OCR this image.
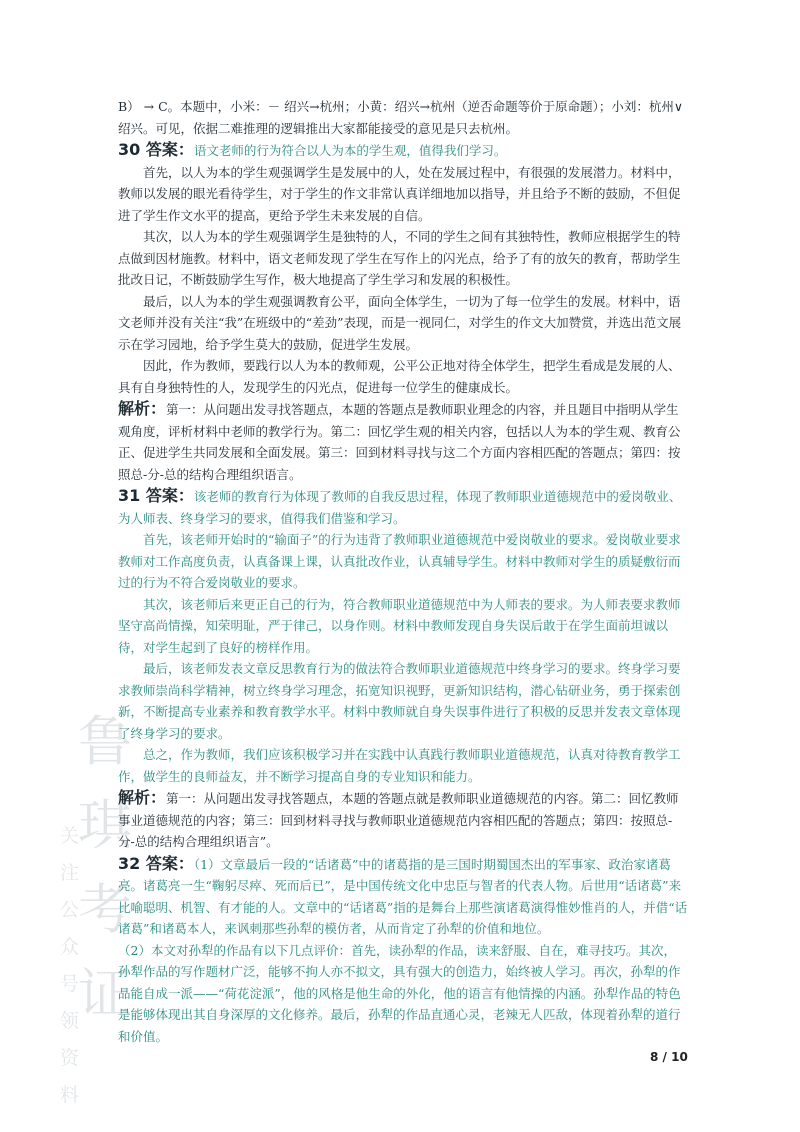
鲁
琪
考
证
关
注
公
众
号
领
资
料

B） → C。本题中，小米：－ 绍兴→杭州；小黄：绍兴→杭州（逆否命题等价于原命题）；小刘：杭州∨绍兴。可见，依据二难推理的逻辑推出大家都能接受的意见是只去杭州。

30 答案：语文老师的行为符合以人为本的学生观，值得我们学习。

首先，以人为本的学生观强调学生是发展中的人，处在发展过程中，有很强的发展潜力。材料中，教师以发展的眼光看待学生，对于学生的作文非常认真详细地加以指导，并且给予不断的鼓励，不但促进了学生作文水平的提高，更给予学生未来发展的自信。

其次，以人为本的学生观强调学生是独特的人，不同的学生之间有其独特性，教师应根据学生的特点做到因材施教。材料中，语文老师发现了学生在写作上的闪光点，给予了有的放矢的教育，帮助学生批改日记，不断鼓励学生写作，极大地提高了学生学习和发展的积极性。

最后，以人为本的学生观强调教育公平，面向全体学生，一切为了每一位学生的发展。材料中，语文老师并没有关注“我”在班级中的“差劲”表现，而是一视同仁，对学生的作文大加赞赏，并选出范文展示在学习园地，给予学生莫大的鼓励，促进学生发展。

因此，作为教师，要践行以人为本的教师观，公平公正地对待全体学生，把学生看成是发展的人、具有自身独特性的人，发现学生的闪光点，促进每一位学生的健康成长。

解析：第一：从问题出发寻找答题点，本题的答题点是教师职业理念的内容，并且题目中指明从学生观角度，评析材料中老师的教学行为。第二：回忆学生观的相关内容，包括以人为本的学生观、教育公正、促进学生共同发展和全面发展。第三：回到材料寻找与这二个方面内容相匹配的答题点；第四：按照总-分-总的结构合理组织语言。

31 答案：该老师的教育行为体现了教师的自我反思过程，体现了教师职业道德规范中的爱岗敬业、为人师表、终身学习的要求，值得我们借鉴和学习。

首先，该老师开始时的“输面子”的行为违背了教师职业道德规范中爱岗敬业的要求。爱岗敬业要求教师对工作高度负责，认真备课上课，认真批改作业，认真辅导学生。材料中教师对学生的质疑敷衍而过的行为不符合爱岗敬业的要求。

其次，该老师后来更正自己的行为，符合教师职业道德规范中为人师表的要求。为人师表要求教师坚守高尚情操，知荣明耻，严于律己，以身作则。材料中教师发现自身失误后敢于在学生面前坦诚以待，对学生起到了良好的榜样作用。

最后，该老师发表文章反思教育行为的做法符合教师职业道德规范中终身学习的要求。终身学习要求教师崇尚科学精神，树立终身学习理念，拓宽知识视野，更新知识结构，潜心钻研业务，勇于探索创新，不断提高专业素养和教育教学水平。材料中教师就自身失误事件进行了积极的反思并发表文章体现了终身学习的要求。

总之，作为教师，我们应该积极学习并在实践中认真践行教师职业道德规范，认真对待教育教学工作，做学生的良师益友，并不断学习提高自身的专业知识和能力。

解析：第一：从问题出发寻找答题点，本题的答题点就是教师职业道德规范的内容。第二：回忆教师事业道德规范的内容；第三：回到材料寻找与教师职业道德规范内容相匹配的答题点；第四：按照总-分-总的结构合理组织语言”。

32 答案：（1）文章最后一段的“话诸葛”中的诸葛指的是三国时期蜀国杰出的军事家、政治家诸葛亮。诸葛亮一生“鞠躬尽瘁、死而后已”，是中国传统文化中忠臣与智者的代表人物。后世用“话诸葛”来比喻聪明、机智、有才能的人。文章中的“话诸葛”指的是舞台上那些演诸葛演得惟妙惟肖的人，并借“话诸葛”和诸葛本人，来讽刺那些孙犁的模仿者，从而肯定了孙犁的价值和地位。

（2）本文对孙犁的作品有以下几点评价：首先，读孙犁的作品，读来舒服、自在，难寻技巧。其次，孙犁作品的写作题材广泛，能够不拘人亦不拟文，具有强大的创造力，始终被人学习。再次，孙犁的作品能自成一派——“荷花淀派”，他的风格是他生命的外化，他的语言有他情操的内涵。孙犁作品的特色是能够体现出其自身深厚的文化修养。最后，孙犁的作品直通心灵，老辣无人匹敌，体现着孙犁的道行和价值。

8 / 10
